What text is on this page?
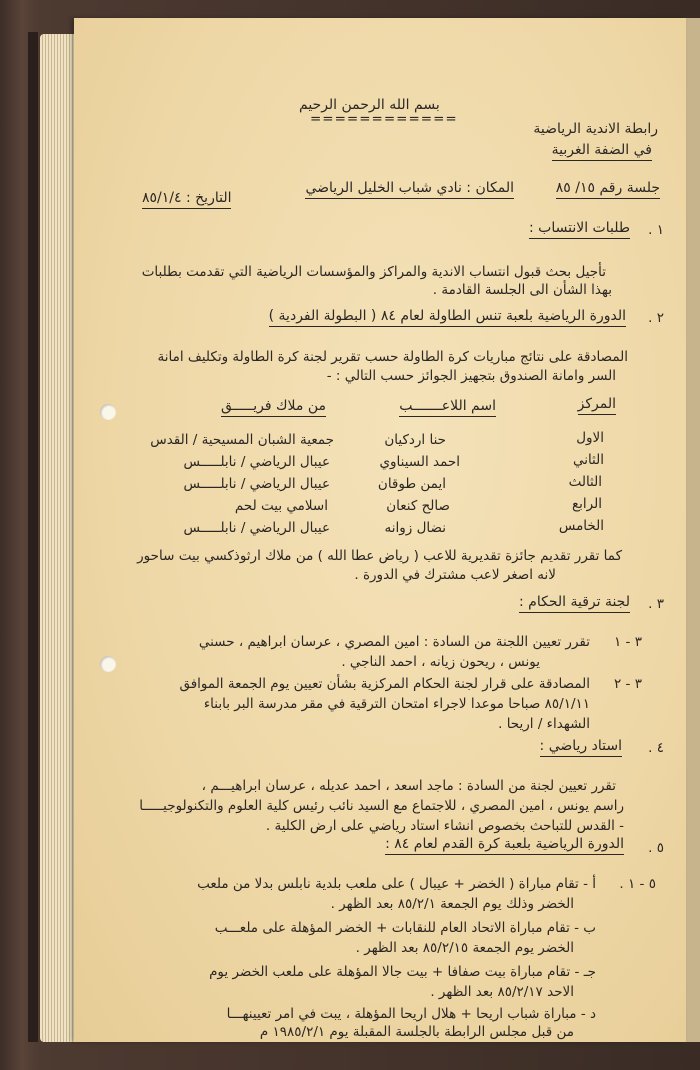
بسم الله الرحمن الرحيم
============
رابطة الاندية الرياضية
في الضفة الغربية
جلسة رقم ١٥/ ٨٥
المكان : نادي شباب الخليل الرياضي
التاريخ : ٨٥/١/٤
١ .
طلبات الانتساب :
تأجيل بحث قبول انتساب الاندية والمراكز والمؤسسات الرياضية التي تقدمت بطلبات
بهذا الشأن الى الجلسة القادمة .
٢ .
الدورة الرياضية بلعبة تنس الطاولة لعام ٨٤ ( البطولة الفردية )
المصادقة على نتائج مباريات كرة الطاولة حسب تقرير لجنة كرة الطاولة وتكليف امانة
السر وامانة الصندوق بتجهيز الجوائز حسب التالي : -
المركز
اسم اللاعـــــــب
من ملاك فريـــــق
الاول
حنا اردكيان
جمعية الشبان المسيحية / القدس
الثاني
احمد السيناوي
عيبال الرياضي / نابلـــــس
الثالث
ايمن طوقان
عيبال الرياضي / نابلـــــس
الرابع
صالح كنعان
اسلامي بيت لحم
الخامس
نضال زوانه
عيبال الرياضي / نابلـــــس
كما تقرر تقديم جائزة تقديرية للاعب ( رياض عطا الله ) من ملاك ارثوذكسي بيت ساحور
لانه اصغر لاعب مشترك في الدورة .
٣ .
لجنة ترقية الحكام :
٣ - ١
تقرر تعيين اللجنة من السادة : امين المصري ، عرسان ابراهيم ، حسني
يونس ، ريحون زيانه ، احمد الناجي .
٣ - ٢
المصادقة على قرار لجنة الحكام المركزية بشأن تعيين يوم الجمعة الموافق
٨٥/١/١١ صباحا موعدا لاجراء امتحان الترقية في مقر مدرسة البر بابناء
الشهداء / اريحا .
٤ .
استاد رياضي :
تقرر تعيين لجنة من السادة : ماجد اسعد ، احمد عديله ، عرسان ابراهيـــم ،
راسم يونس ، امين المصري ، للاجتماع مع السيد نائب رئيس كلية العلوم والتكنولوجيـــــا
- القدس للتباحث بخصوص انشاء استاد رياضي على ارض الكلية .
٥ .
الدورة الرياضية بلعبة كرة القدم لعام ٨٤ :
٥ - ١ .
أ - تقام مباراة ( الخضر + عيبال ) على ملعب بلدية نابلس بدلا من ملعب
الخضر وذلك يوم الجمعة ٨٥/٢/١ بعد الظهر .
ب - تقام مباراة الاتحاد العام للنقابات + الخضر المؤهلة على ملعـــب
الخضر يوم الجمعة ٨٥/٢/١٥ بعد الظهر .
جـ - تقام مباراة بيت صفافا + بيت جالا المؤهلة على ملعب الخضر يوم
الاحد ٨٥/٢/١٧ بعد الظهر .
د - مباراة شباب اريحا + هلال اريحا المؤهلة ، يبت في امر تعيينهـــا
من قبل مجلس الرابطة بالجلسة المقبلة يوم ١٩٨٥/٢/١ م
